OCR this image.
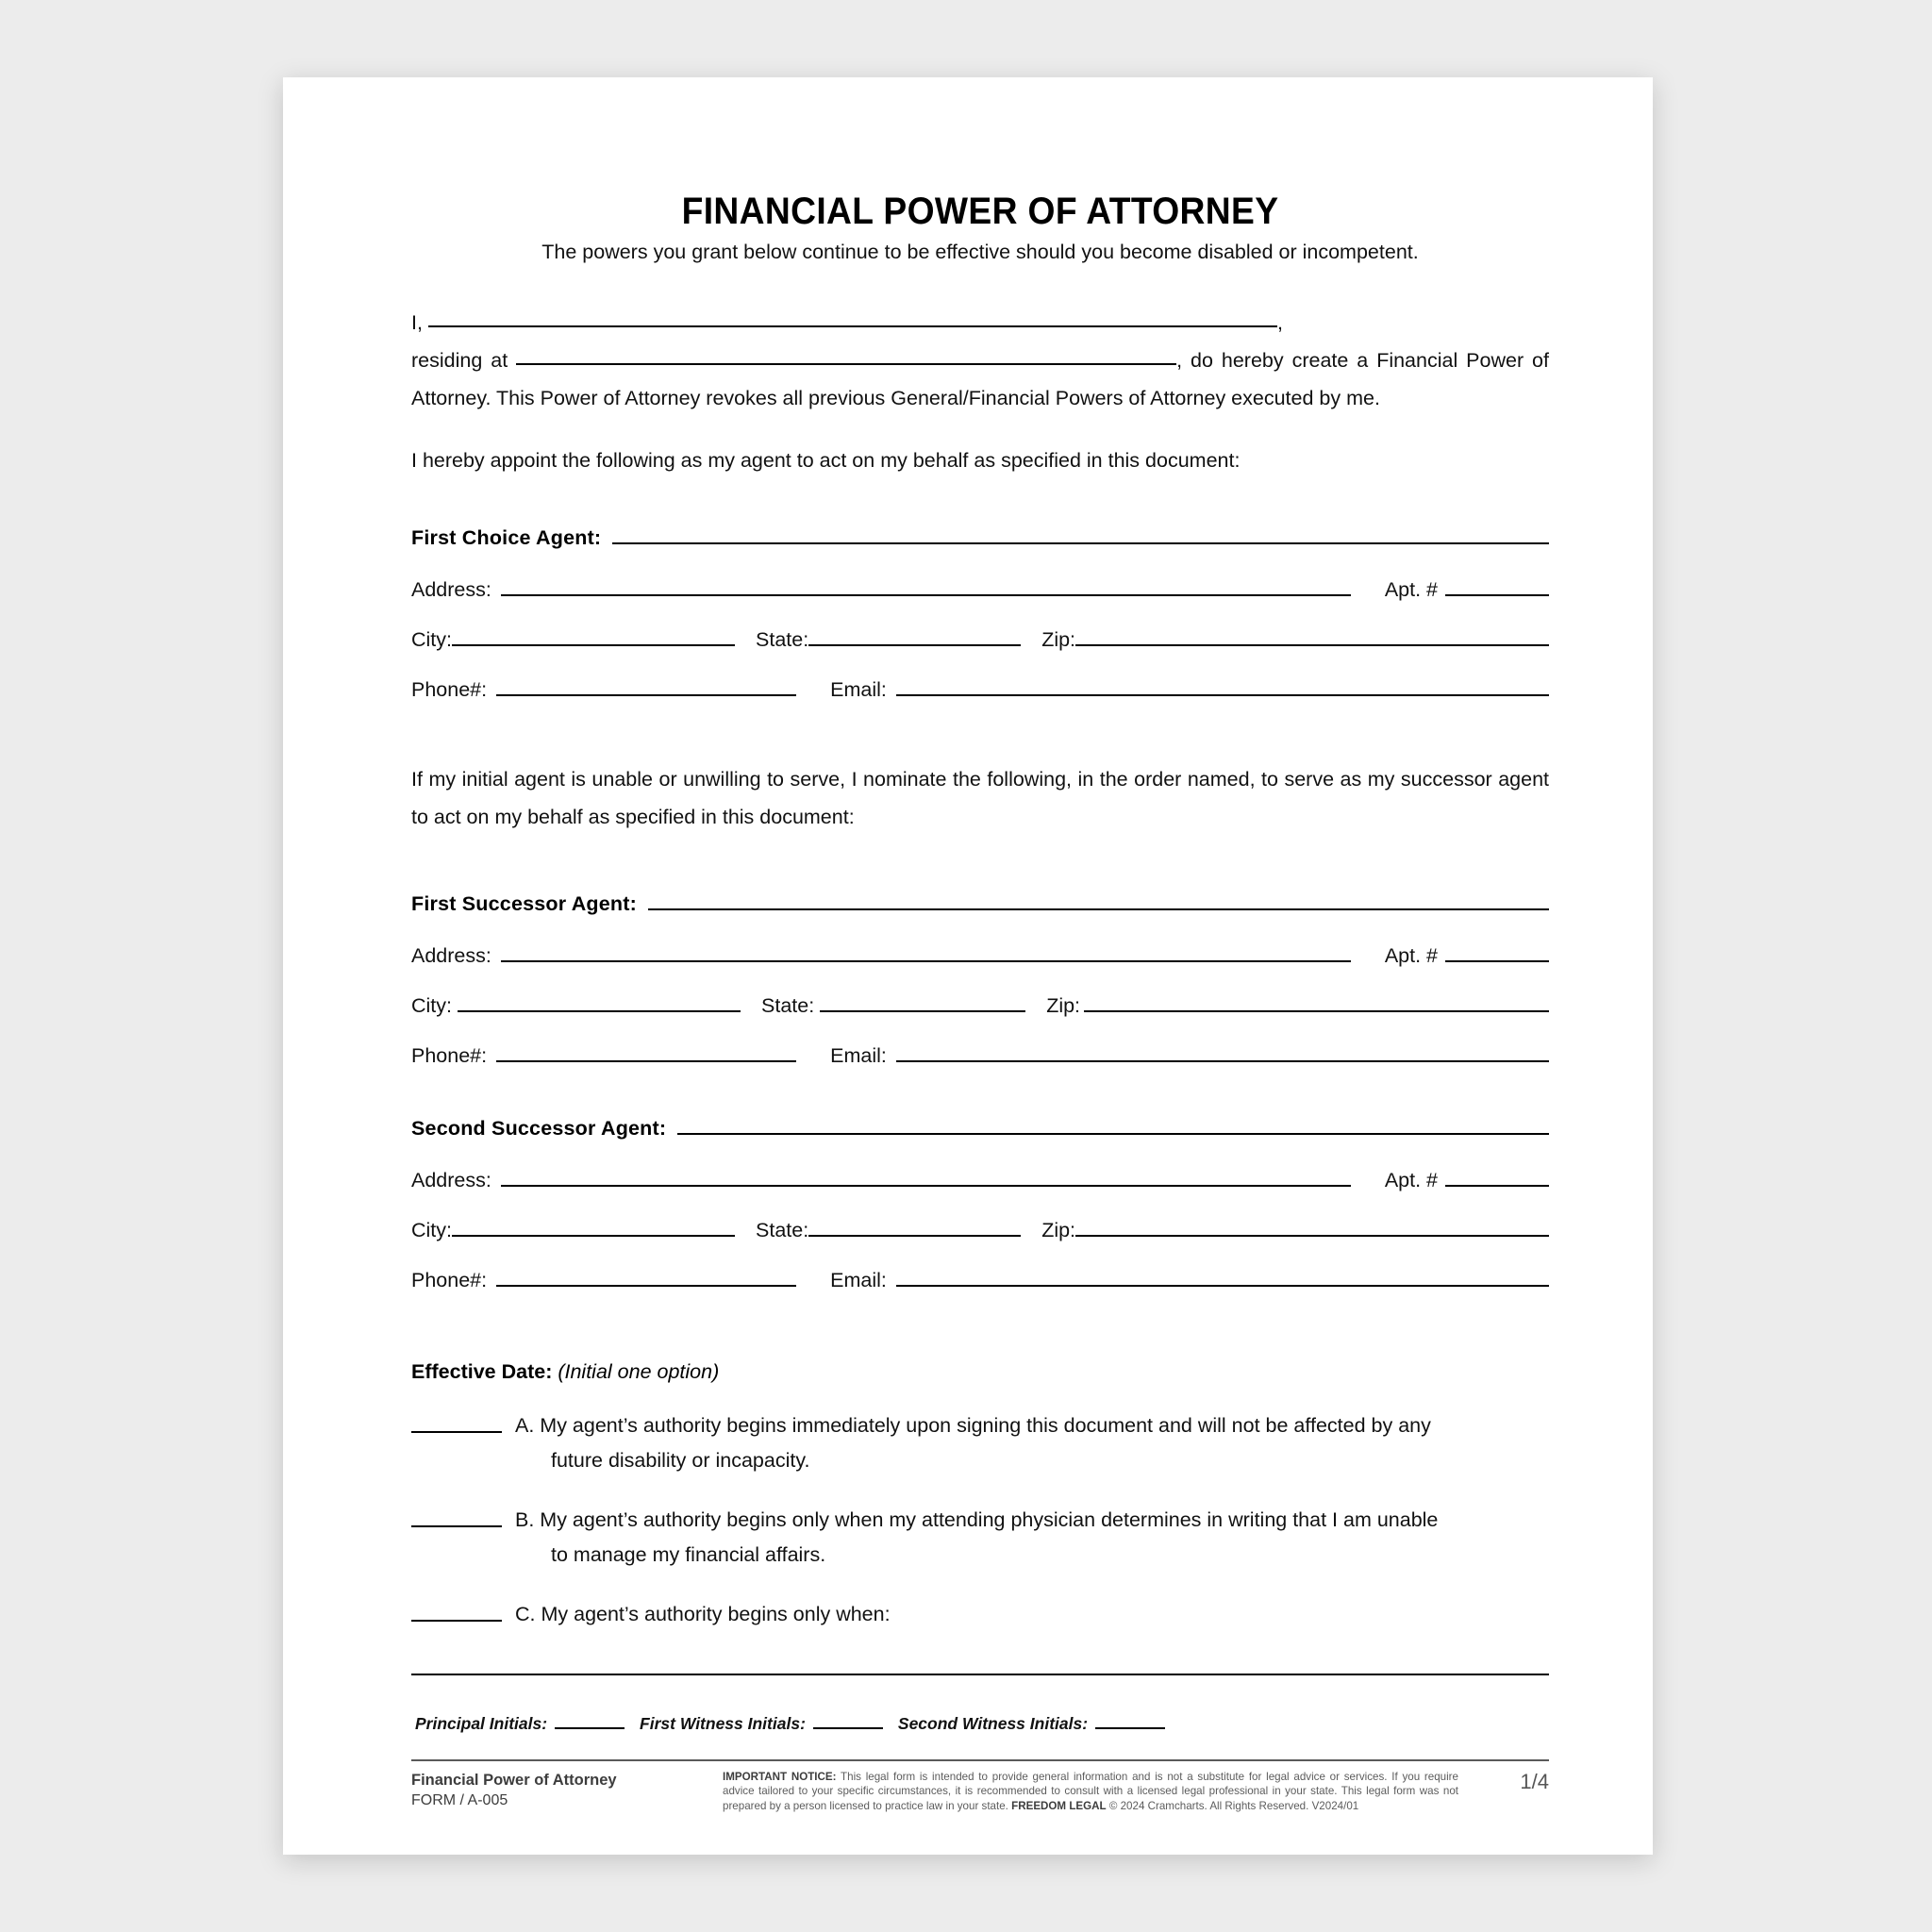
FINANCIAL POWER OF ATTORNEY
The powers you grant below continue to be effective should you become disabled or incompetent.

I,	,
residing at	, do hereby create a Financial Power of Attorney. This Power of Attorney revokes all previous General/Financial Powers of Attorney executed by me.

I hereby appoint the following as my agent to act on my behalf as specified in this document:

First Choice Agent:
Address:	Apt. #
City:	State:	Zip:
Phone#:	Email:

If my initial agent is unable or unwilling to serve, I nominate the following, in the order named, to serve as my successor agent to act on my behalf as specified in this document:

First Successor Agent:
Address:	Apt. #
City:	State:	Zip:
Phone#:	Email:
Second Successor Agent:
Address:	Apt. #
City:	State:	Zip:
Phone#:	Email:
Effective Date: (Initial one option)
A. My agent’s authority begins immediately upon signing this document and will not be affected by any
future disability or incapacity.
B. My agent’s authority begins only when my attending physician determines in writing that I am unable
to manage my financial affairs.
C. My agent’s authority begins only when:
Principal Initials:	First Witness Initials:	Second Witness Initials:
Financial Power of Attorney
FORM / A-005
IMPORTANT NOTICE: This legal form is intended to provide general information and is not a substitute for legal advice or services. If you require advice tailored to your specific circumstances, it is recommended to consult with a licensed legal professional in your state. This legal form was not prepared by a person licensed to practice law in your state. FREEDOM LEGAL © 2024 Cramcharts. All Rights Reserved. V2024/01
1/4
